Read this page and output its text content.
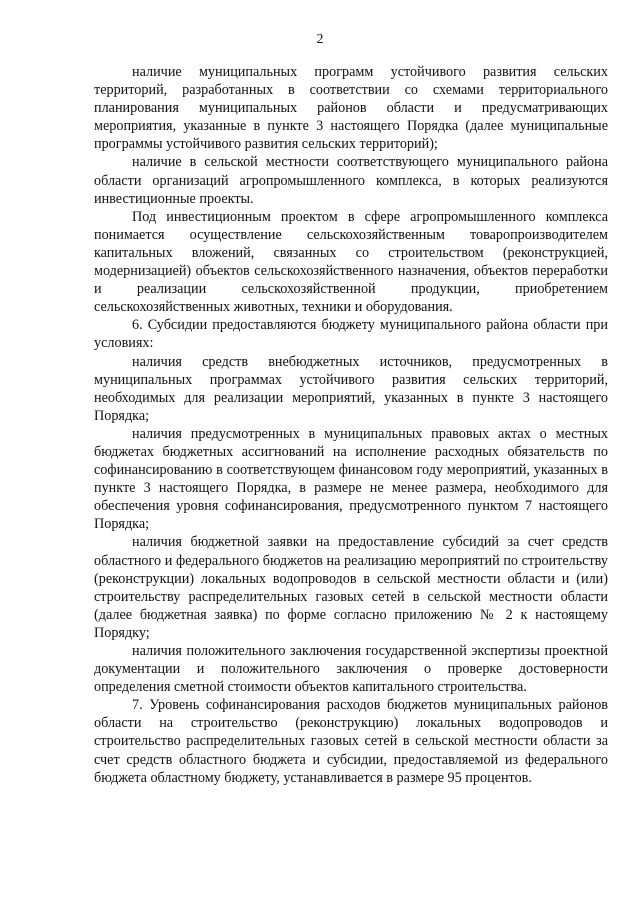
2

наличие муниципальных программ устойчивого развития сельских территорий, разработанных в соответствии со схемами территориального планирования муниципальных районов области и предусматривающих мероприятия, указанные в пункте 3 настоящего Порядка (далее муниципальные программы устойчивого развития сельских территорий);

наличие в сельской местности соответствующего муниципального района области организаций агропромышленного комплекса, в которых реализуются инвестиционные проекты.

Под инвестиционным проектом в сфере агропромышленного комплекса понимается осуществление сельскохозяйственным товаропроизводителем капитальных вложений, связанных со строительством (реконструкцией, модернизацией) объектов сельскохозяйственного назначения, объектов переработки и реализации сельскохозяйственной продукции, приобретением сельскохозяйственных животных, техники и оборудования.

6. Субсидии предоставляются бюджету муниципального района области при условиях:

наличия средств внебюджетных источников, предусмотренных в муниципальных программах устойчивого развития сельских территорий, необходимых для реализации мероприятий, указанных в пункте 3 настоящего Порядка;

наличия предусмотренных в муниципальных правовых актах о местных бюджетах бюджетных ассигнований на исполнение расходных обязательств по софинансированию в соответствующем финансовом году мероприятий, указанных в пункте 3 настоящего Порядка, в размере не менее размера, необходимого для обеспечения уровня софинансирования, предусмотренного пунктом 7 настоящего Порядка;

наличия бюджетной заявки на предоставление субсидий за счет средств областного и федерального бюджетов на реализацию мероприятий по строительству (реконструкции) локальных водопроводов в сельской местности области и (или) строительству распределительных газовых сетей в сельской местности области (далее бюджетная заявка) по форме согласно приложению № 2 к настоящему Порядку;

наличия положительного заключения государственной экспертизы проектной документации и положительного заключения о проверке достоверности определения сметной стоимости объектов капитального строительства.

7. Уровень софинансирования расходов бюджетов муниципальных районов области на строительство (реконструкцию) локальных водопроводов и строительство распределительных газовых сетей в сельской местности области за счет средств областного бюджета и субсидии, предоставляемой из федерального бюджета областному бюджету, устанавливается в размере 95 процентов.
